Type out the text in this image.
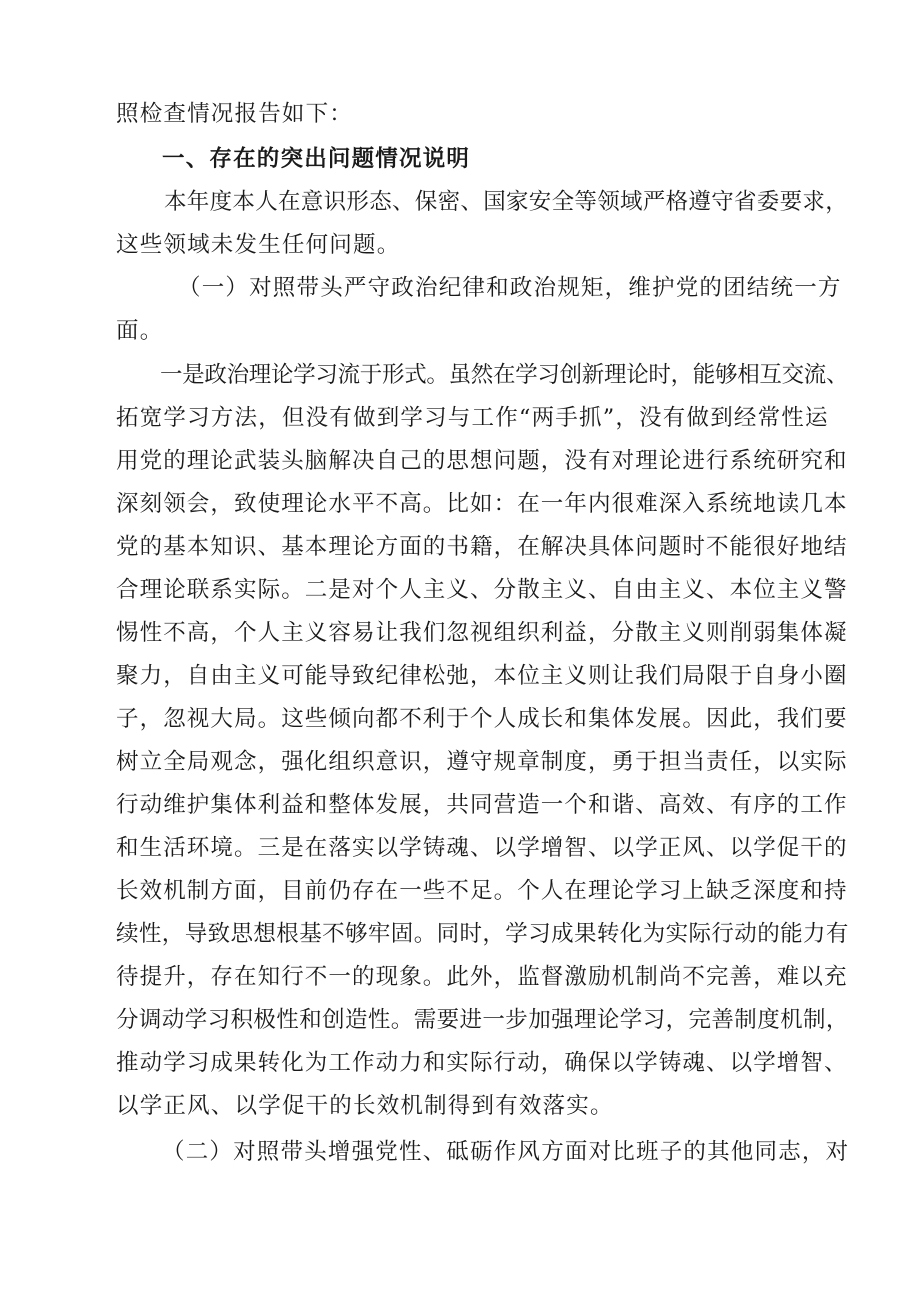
照检查情况报告如下：
一、存在的突出问题情况说明
本年度本人在意识形态、保密、国家安全等领域严格遵守省委要求，
这些领域未发生任何问题。
（一）对照带头严守政治纪律和政治规矩，维护党的团结统一方
面。
一是政治理论学习流于形式。虽然在学习创新理论时，能够相互交流、
拓宽学习方法，但没有做到学习与工作“两手抓”，没有做到经常性运
用党的理论武装头脑解决自己的思想问题，没有对理论进行系统研究和
深刻领会，致使理论水平不高。比如：在一年内很难深入系统地读几本
党的基本知识、基本理论方面的书籍，在解决具体问题时不能很好地结
合理论联系实际。二是对个人主义、分散主义、自由主义、本位主义警
惕性不高，个人主义容易让我们忽视组织利益，分散主义则削弱集体凝
聚力，自由主义可能导致纪律松弛，本位主义则让我们局限于自身小圈
子，忽视大局。这些倾向都不利于个人成长和集体发展。因此，我们要
树立全局观念，强化组织意识，遵守规章制度，勇于担当责任，以实际
行动维护集体利益和整体发展，共同营造一个和谐、高效、有序的工作
和生活环境。三是在落实以学铸魂、以学增智、以学正风、以学促干的
长效机制方面，目前仍存在一些不足。个人在理论学习上缺乏深度和持
续性，导致思想根基不够牢固。同时，学习成果转化为实际行动的能力有
待提升，存在知行不一的现象。此外，监督激励机制尚不完善，难以充
分调动学习积极性和创造性。需要进一步加强理论学习，完善制度机制，
推动学习成果转化为工作动力和实际行动，确保以学铸魂、以学增智、
以学正风、以学促干的长效机制得到有效落实。
（二）对照带头增强党性、砥砺作风方面对比班子的其他同志，对
